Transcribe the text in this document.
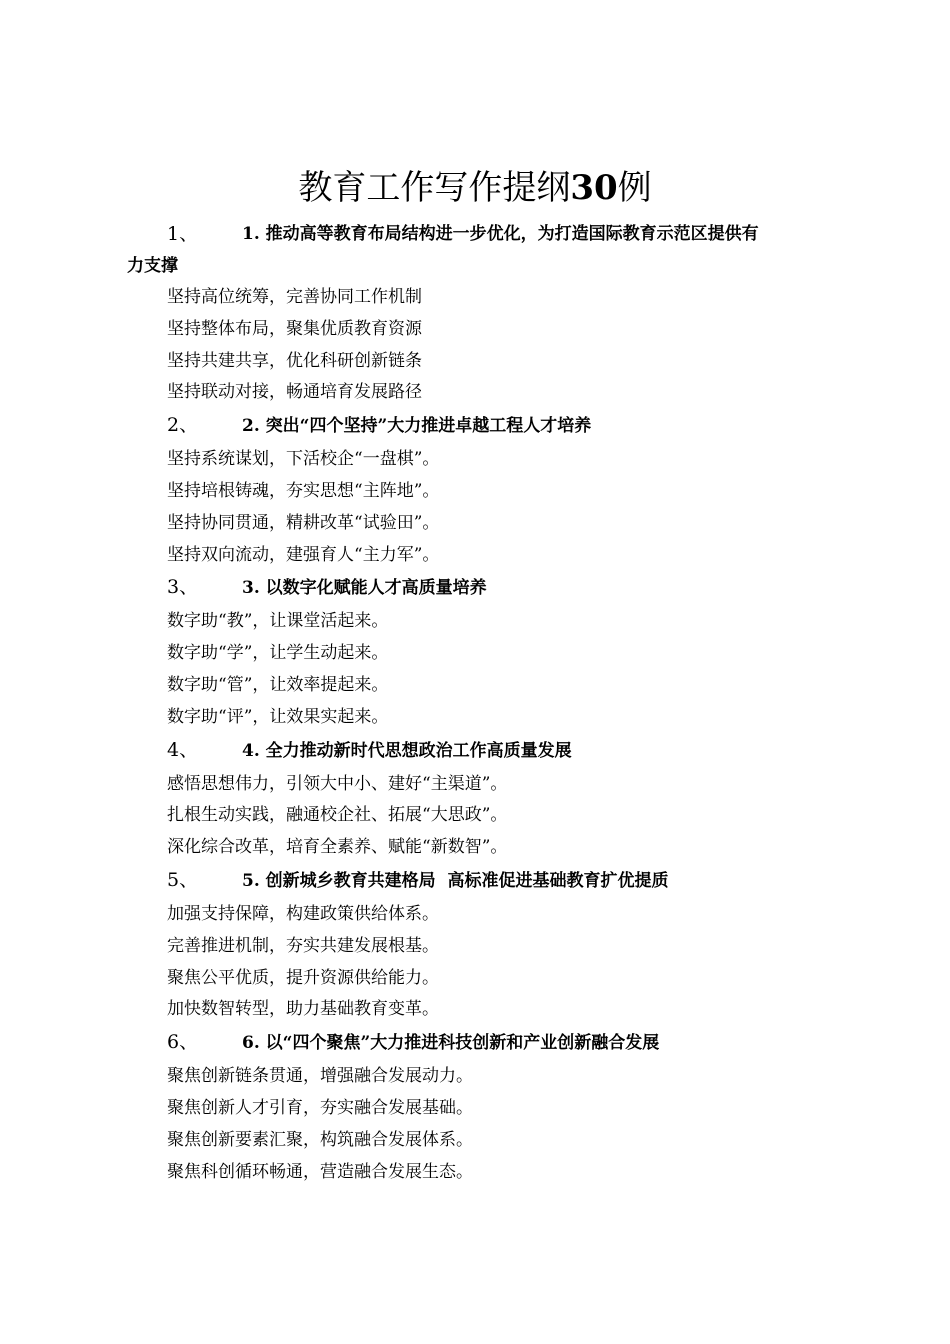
教育工作写作提纲30例
1、	1. 推动高等教育布局结构进一步优化，为打造国际教育示范区提供有
力支撑
坚持高位统筹，完善协同工作机制
坚持整体布局，聚集优质教育资源
坚持共建共享，优化科研创新链条
坚持联动对接，畅通培育发展路径
2、	2. 突出“四个坚持”大力推进卓越工程人才培养
坚持系统谋划，下活校企“一盘棋”。
坚持培根铸魂，夯实思想“主阵地”。
坚持协同贯通，精耕改革“试验田”。
坚持双向流动，建强育人“主力军”。
3、	3. 以数字化赋能人才高质量培养
数字助“教”，让课堂活起来。
数字助“学”，让学生动起来。
数字助“管”，让效率提起来。
数字助“评”，让效果实起来。
4、	4. 全力推动新时代思想政治工作高质量发展
感悟思想伟力，引领大中小、建好“主渠道”。
扎根生动实践，融通校企社、拓展“大思政”。
深化综合改革，培育全素养、赋能“新数智”。
5、	5. 创新城乡教育共建格局  高标准促进基础教育扩优提质
加强支持保障，构建政策供给体系。
完善推进机制，夯实共建发展根基。
聚焦公平优质，提升资源供给能力。
加快数智转型，助力基础教育变革。
6、	6. 以“四个聚焦”大力推进科技创新和产业创新融合发展
聚焦创新链条贯通，增强融合发展动力。
聚焦创新人才引育，夯实融合发展基础。
聚焦创新要素汇聚，构筑融合发展体系。
聚焦科创循环畅通，营造融合发展生态。
